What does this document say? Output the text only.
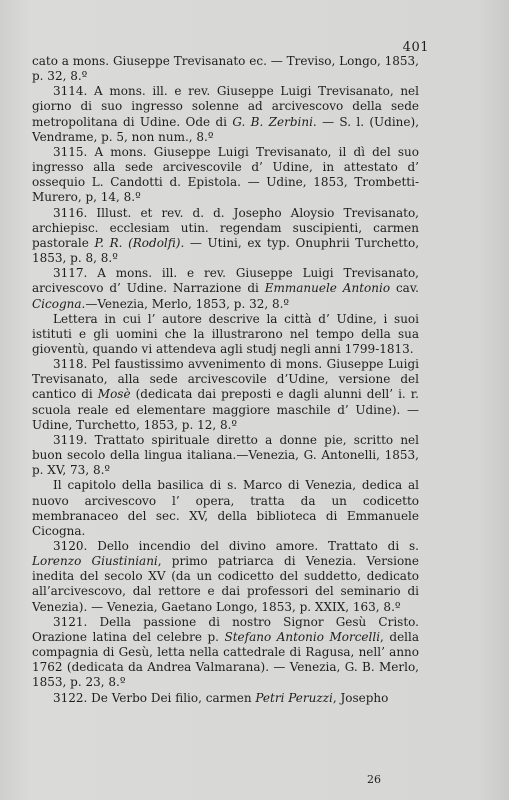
401

cato a mons. Giuseppe Trevisanato ec. — Treviso, Longo, 1853, p. 32, 8.º

3114. A mons. ill. e rev. Giuseppe Luigi Trevisanato, nel giorno di suo ingresso solenne ad arcivescovo della sede metropolitana di Udine. Ode di G. B. Zerbini. — S. l. (Udine), Vendrame, p. 5, non num., 8.º

3115. A mons. Giuseppe Luigi Trevisanato, il dì del suo ingresso alla sede arcivescovile d’ Udine, in attestato d’ ossequio L. Candotti d. Epistola. — Udine, 1853, Trombetti-Murero, p, 14, 8.º

3116. Illust. et rev. d. d. Josepho Aloysio Trevisanato, archiepisc. ecclesiam utin. regendam suscipienti, carmen pastorale P. R. (Rodolfi). — Utini, ex typ. Onuphrii Turchetto, 1853, p. 8, 8.º

3117. A mons. ill. e rev. Giuseppe Luigi Trevisanato, arcivescovo d’ Udine. Narrazione di Emmanuele Antonio cav. Cicogna.—Venezia, Merlo, 1853, p. 32, 8.º

Lettera in cui l’ autore descrive la città d’ Udine, i suoi istituti e gli uomini che la illustrarono nel tempo della sua gioventù, quando vi attendeva agli studj negli anni 1799-1813.

3118. Pel faustissimo avvenimento di mons. Giuseppe Luigi Trevisanato, alla sede arcivescovile d’Udine, versione del cantico di Mosè (dedicata dai preposti e dagli alunni dell’ i. r. scuola reale ed elementare maggiore maschile d’ Udine). — Udine, Turchetto, 1853, p. 12, 8.º

3119. Trattato spirituale diretto a donne pie, scritto nel buon secolo della lingua italiana.—Venezia, G. Antonelli, 1853, p. XV, 73, 8.º

Il capitolo della basilica di s. Marco di Venezia, dedica al nuovo arcivescovo l’ opera, tratta da un codicetto membranaceo del sec. XV, della biblioteca di Emmanuele Cicogna.

3120. Dello incendio del divino amore. Trattato di s. Lorenzo Giustiniani, primo patriarca di Venezia. Versione inedita del secolo XV (da un codicetto del suddetto, dedicato all’arcivescovo, dal rettore e dai professori del seminario di Venezia). — Venezia, Gaetano Longo, 1853, p. XXIX, 163, 8.º

3121. Della passione di nostro Signor Gesù Cristo. Orazione latina del celebre p. Stefano Antonio Morcelli, della compagnia di Gesù, letta nella cattedrale di Ragusa, nell’ anno 1762 (dedicata da Andrea Valmarana). — Venezia, G. B. Merlo, 1853, p. 23, 8.º

3122. De Verbo Dei filio, carmen Petri Peruzzi, Josepho

26
